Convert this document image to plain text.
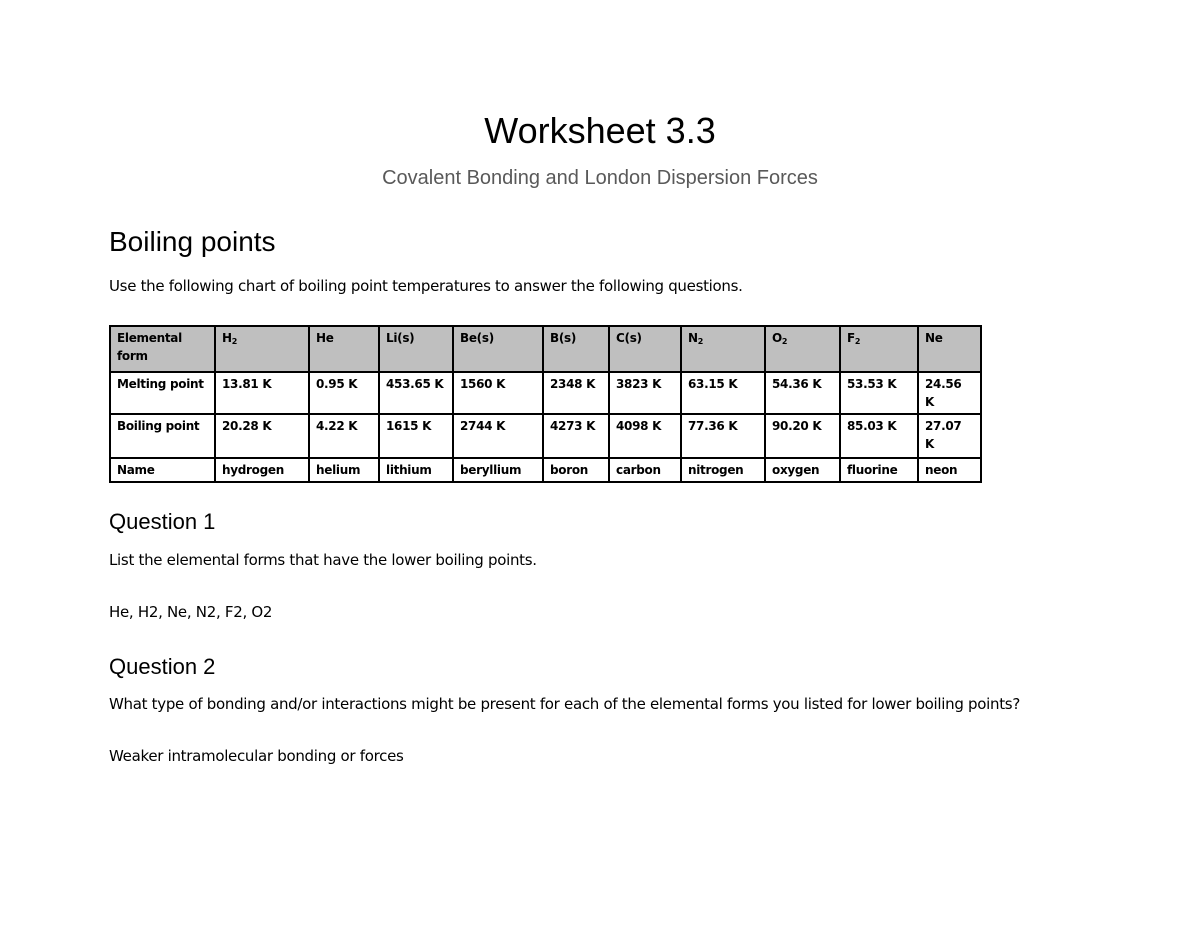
Worksheet 3.3
Covalent Bonding and London Dispersion Forces
Boiling points

Use the following chart of boiling point temperatures to answer the following questions.

Elemental form	$H_2$	He	Li(s)	Be(s)	B(s)	C(s)	$N_2$	$O_2$	$F_2$	Ne
Melting point	13.81 K	0.95 K	453.65 K	1560 K	2348 K	3823 K	63.15 K	54.36 K	53.53 K	24.56 K
Boiling point	20.28 K	4.22 K	1615 K	2744 K	4273 K	4098 K	77.36 K	90.20 K	85.03 K	27.07 K
Name	hydrogen	helium	lithium	beryllium	boron	carbon	nitrogen	oxygen	fluorine	neon
Question 1

List the elemental forms that have the lower boiling points.

He, H2, Ne, N2, F2, O2

Question 2

What type of bonding and/or interactions might be present for each of the elemental forms you listed for lower boiling points?

Weaker intramolecular bonding or forces
